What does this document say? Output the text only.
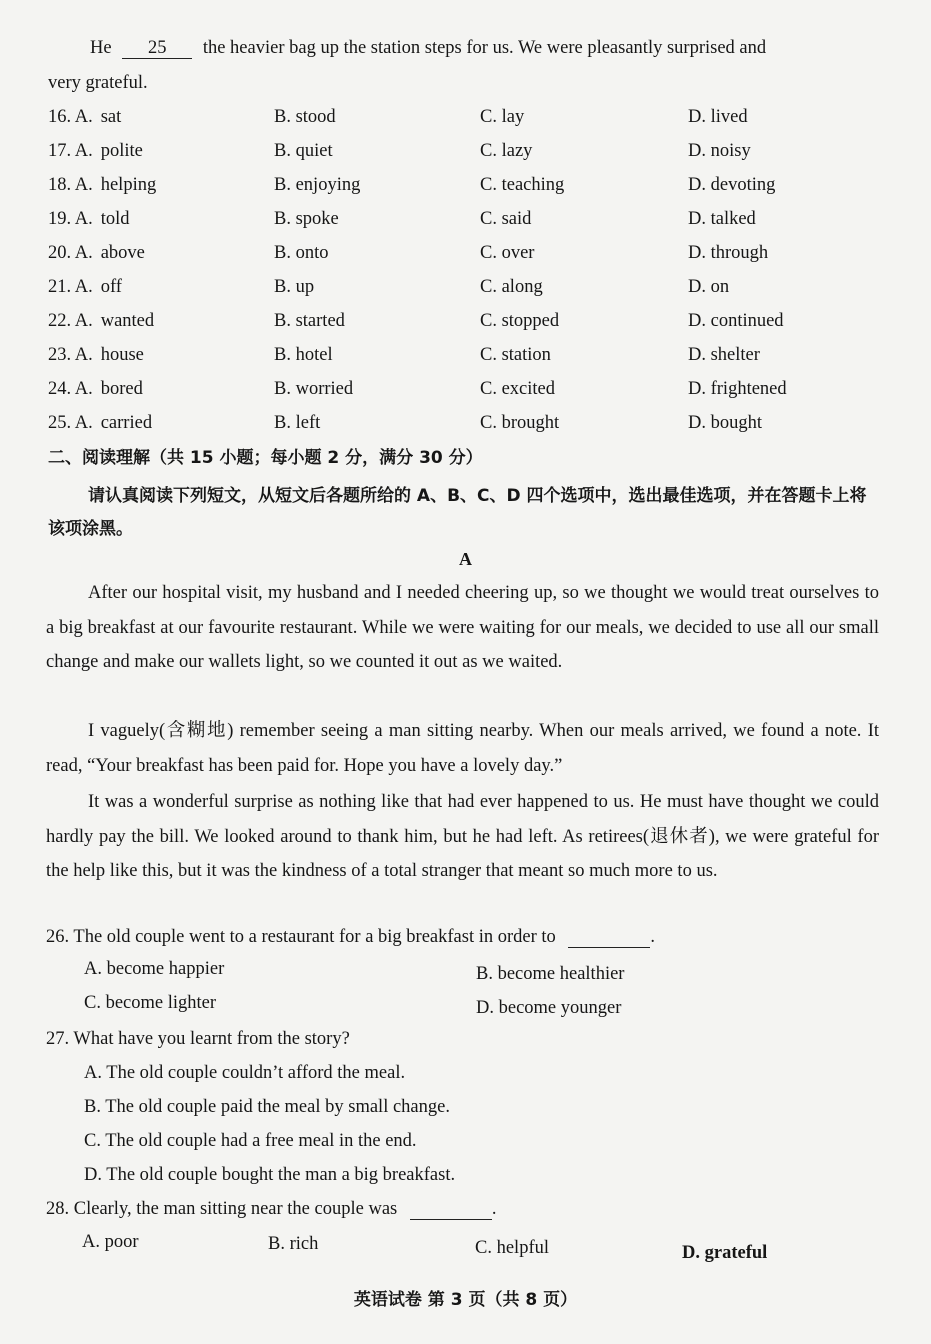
He 25 the heavier bag up the station steps for us. We were pleasantly surprised and
very grateful.
16. A. sat	B. stood	C. lay	D. lived
17. A. polite	B. quiet	C. lazy	D. noisy
18. A. helping	B. enjoying	C. teaching	D. devoting
19. A. told	B. spoke	C. said	D. talked
20. A. above	B. onto	C. over	D. through
21. A. off	B. up	C. along	D. on
22. A. wanted	B. started	C. stopped	D. continued
23. A. house	B. hotel	C. station	D. shelter
24. A. bored	B. worried	C. excited	D. frightened
25. A. carried	B. left	C. brought	D. bought
二、阅读理解（共 15 小题；每小题 2 分，满分 30 分）
请认真阅读下列短文，从短文后各题所给的 A、B、C、D 四个选项中，选出最佳选项，并在答题卡上将该项涂黑。
A
After our hospital visit, my husband and I needed cheering up, so we thought we would treat ourselves to a big breakfast at our favourite restaurant. While we were waiting for our meals, we decided to use all our small change and make our wallets light, so we counted it out as we waited.
I vaguely(含糊地) remember seeing a man sitting nearby. When our meals arrived, we found a note. It read, “Your breakfast has been paid for. Hope you have a lovely day.”
It was a wonderful surprise as nothing like that had ever happened to us. He must have thought we could hardly pay the bill. We looked around to thank him, but he had left. As retirees(退休者), we were grateful for the help like this, but it was the kindness of a total stranger that meant so much more to us.
26. The old couple went to a restaurant for a big breakfast in order to	.
A. become happier	B. become healthier
C. become lighter	D. become younger
27. What have you learnt from the story?
A. The old couple couldn’t afford the meal.
B. The old couple paid the meal by small change.
C. The old couple had a free meal in the end.
D. The old couple bought the man a big breakfast.
28. Clearly, the man sitting near the couple was	.
A. poor	B. rich	C. helpful	D. grateful
英语试卷 第 3 页（共 8 页）
